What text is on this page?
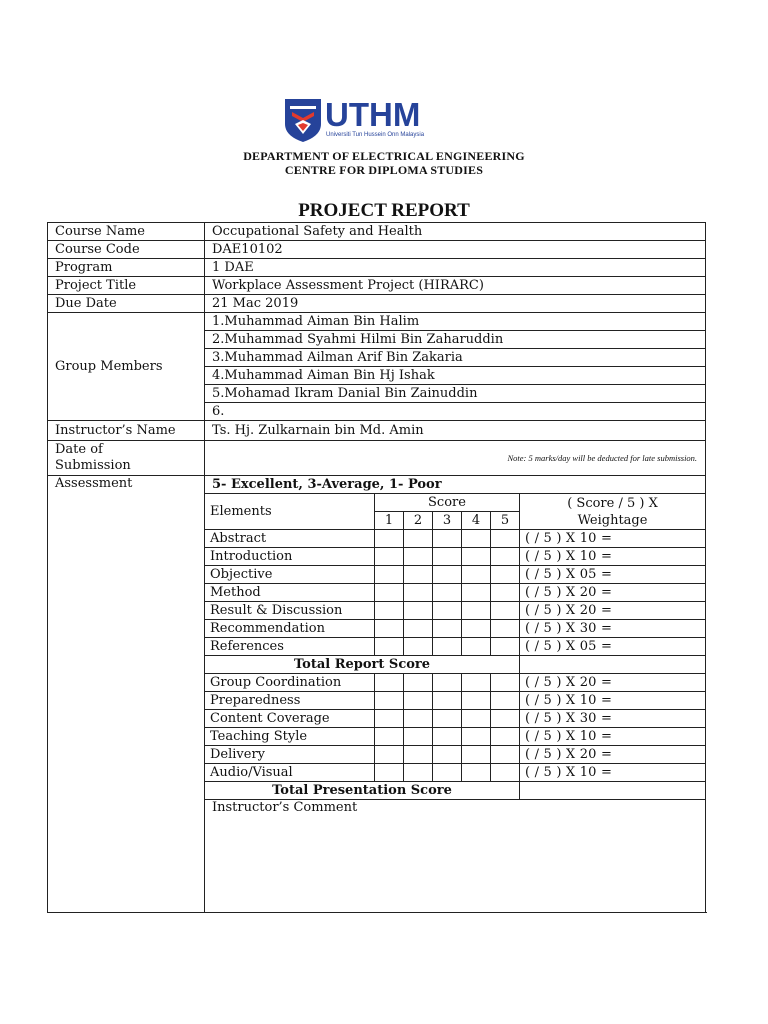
UTHM
Universiti Tun Hussein Onn Malaysia
DEPARTMENT OF ELECTRICAL ENGINEERING
CENTRE FOR DIPLOMA STUDIES
PROJECT REPORT
Course Name	Occupational Safety and Health						
Course Code	DAE10102						
Program	1 DAE						
Project Title	Workplace Assessment Project (HIRARC)						
Due Date	21 Mac 2019						
Group Members	1.Muhammad Aiman Bin Halim						
	2.Muhammad Syahmi Hilmi Bin Zaharuddin						
	3.Muhammad Ailman Arif Bin Zakaria						
	4.Muhammad Aiman Bin Hj Ishak						
	5.Mohamad Ikram Danial Bin Zainuddin						
	6.						
Instructor’s Name	Ts. Hj. Zulkarnain bin Md. Amin						

Date of
Submission	Note: 5 marks/day will be deducted for late submission.						
Assessment	5- Excellent, 3-Average, 1- Poor						
	Elements	Score					( Score / 5 ) X
Weightage

		1	2	3	4	5	
	Abstract						( / 5 ) X 10 =
	Introduction						( / 5 ) X 10 =
	Objective						( / 5 ) X 05 =
	Method						( / 5 ) X 20 =
	Result & Discussion						( / 5 ) X 20 =
	Recommendation						( / 5 ) X 30 =
	References						( / 5 ) X 05 =
	Total Report Score						
	Group Coordination						( / 5 ) X 20 =
	Preparedness						( / 5 ) X 10 =
	Content Coverage						( / 5 ) X 30 =
	Teaching Style						( / 5 ) X 10 =
	Delivery						( / 5 ) X 20 =
	Audio/Visual						( / 5 ) X 10 =
	Total Presentation Score						
	Instructor’s Comment						
